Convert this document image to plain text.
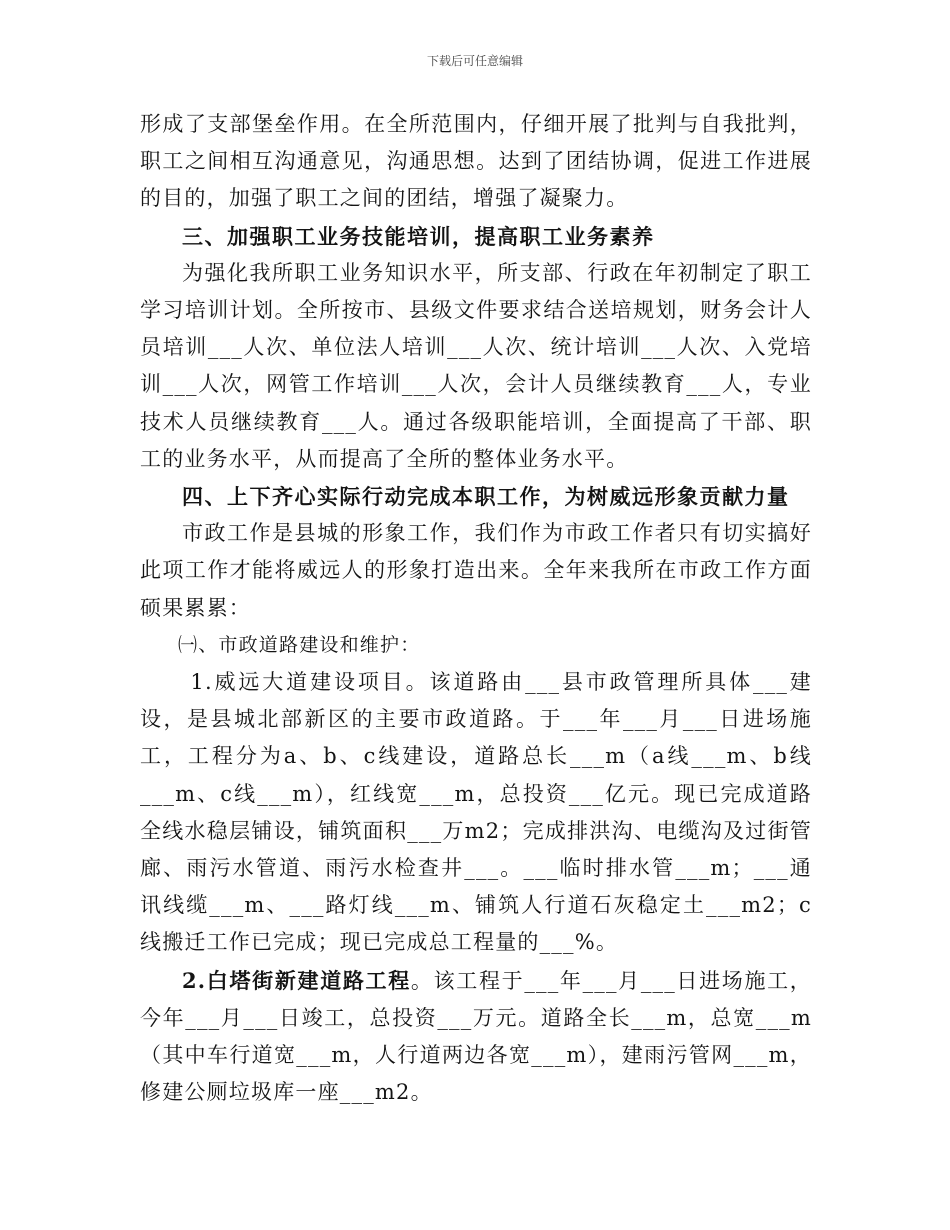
下载后可任意编辑

形成了支部堡垒作用。在全所范围内，仔细开展了批判与自我批判，职工之间相互沟通意见，沟通思想。达到了团结协调，促进工作进展的目的，加强了职工之间的团结，增强了凝聚力。

三、加强职工业务技能培训，提高职工业务素养

为强化我所职工业务知识水平，所支部、行政在年初制定了职工学习培训计划。全所按市、县级文件要求结合送培规划，财务会计人员培训___人次、单位法人培训___人次、统计培训___人次、入党培训___人次，网管工作培训___人次，会计人员继续教育___人，专业技术人员继续教育___人。通过各级职能培训，全面提高了干部、职工的业务水平，从而提高了全所的整体业务水平。

四、上下齐心实际行动完成本职工作，为树威远形象贡献力量

市政工作是县城的形象工作，我们作为市政工作者只有切实搞好此项工作才能将威远人的形象打造出来。全年来我所在市政工作方面硕果累累：

㈠、市政道路建设和维护：

1.威远大道建设项目。该道路由___县市政管理所具体___建设，是县城北部新区的主要市政道路。于___年___月___日进场施工，工程分为a、b、c线建设，道路总长___m（a线___m、b线___m、c线___m），红线宽___m，总投资___亿元。现已完成道路全线水稳层铺设，铺筑面积___万m2；完成排洪沟、电缆沟及过街管廊、雨污水管道、雨污水检查井___。___临时排水管___m；___通讯线缆___m、___路灯线___m、铺筑人行道石灰稳定土___m2；c线搬迁工作已完成；现已完成总工程量的___%。

2.白塔街新建道路工程。该工程于___年___月___日进场施工，今年___月___日竣工，总投资___万元。道路全长___m，总宽___m（其中车行道宽___m，人行道两边各宽___m），建雨污管网___m，修建公厕垃圾库一座___m2。
